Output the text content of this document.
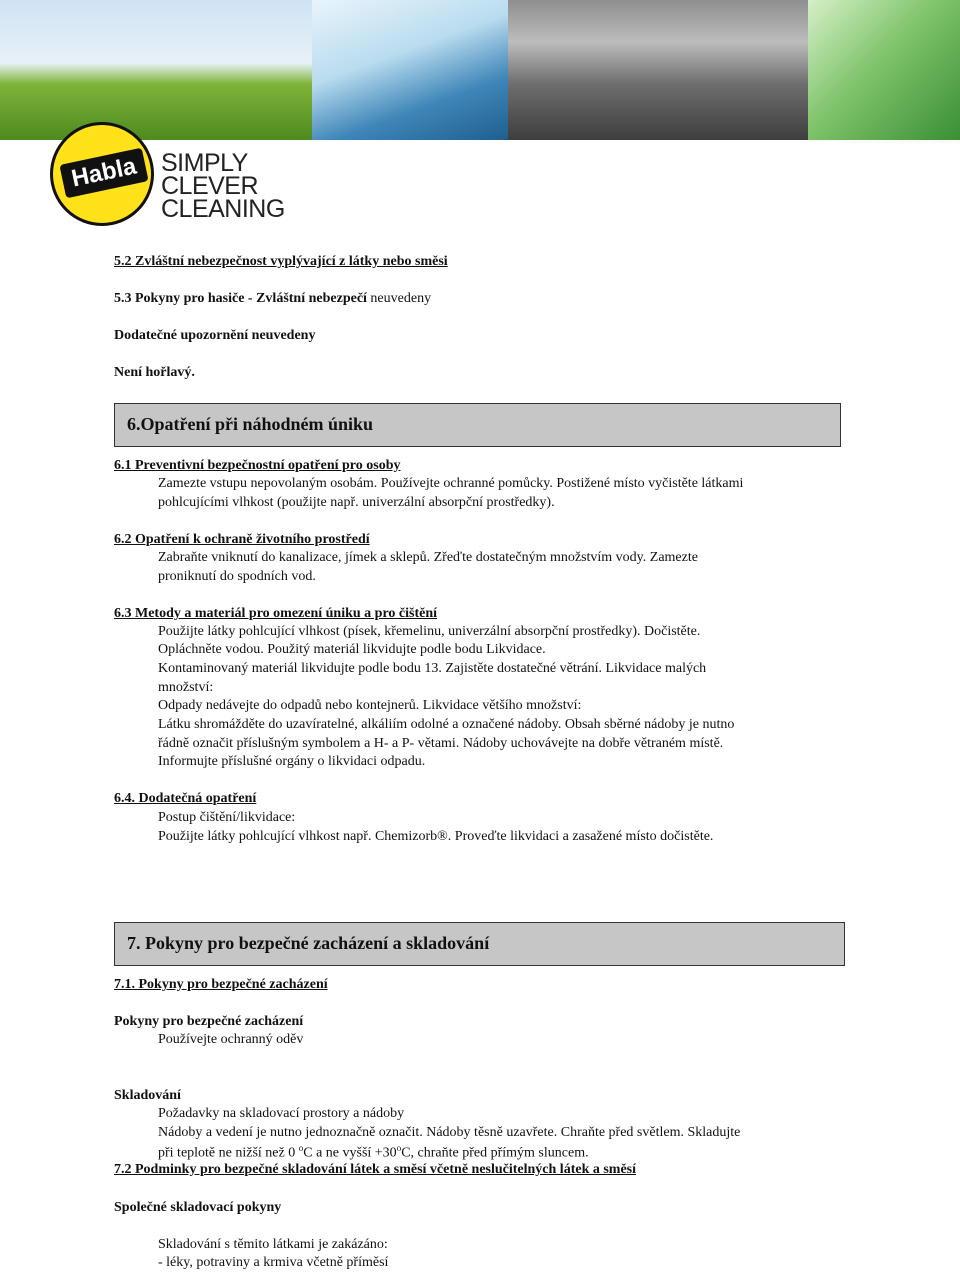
Habla SIMPLY
CLEVER
CLEANING
5.2 Zvláštní nebezpečnost vyplývající z látky nebo směsi
5.3 Pokyny pro hasiče - Zvláštní nebezpečí neuvedeny
Dodatečné upozornění neuvedeny
Není hořlavý.
6.Opatření při náhodném úniku
6.1 Preventivní bezpečnostní opatření pro osoby
Zamezte vstupu nepovolaným osobám. Používejte ochranné pomůcky. Postižené místo vyčistěte látkami
pohlcujícími vlhkost (použijte např. univerzální absorpční prostředky).
6.2 Opatření k ochraně životního prostředí
Zabraňte vniknutí do kanalizace, jímek a sklepů. Zřeďte dostatečným množstvím vody. Zamezte
proniknutí do spodních vod.
6.3 Metody a materiál pro omezení úniku a pro čištění
Použijte látky pohlcující vlhkost (písek, křemelinu, univerzální absorpční prostředky). Dočistěte.
Opláchněte vodou. Použitý materiál likvidujte podle bodu Likvidace.
Kontaminovaný materiál likvidujte podle bodu 13. Zajistěte dostatečné větrání. Likvidace malých
množství:
Odpady nedávejte do odpadů nebo kontejnerů. Likvidace většího množství:
Látku shromážděte do uzavíratelné, alkáliím odolné a označené nádoby. Obsah sběrné nádoby je nutno
řádně označit příslušným symbolem a H- a P- větami. Nádoby uchovávejte na dobře větraném místě.
Informujte příslušné orgány o likvidaci odpadu.
6.4. Dodatečná opatření
Postup čištění/likvidace:
Použijte látky pohlcující vlhkost např. Chemizorb®. Proveďte likvidaci a zasažené místo dočistěte.
7. Pokyny pro bezpečné zacházení a skladování
7.1. Pokyny pro bezpečné zacházení
Pokyny pro bezpečné zacházení
Používejte ochranný oděv
Skladování
Požadavky na skladovací prostory a nádoby
Nádoby a vedení je nutno jednoznačně označit. Nádoby těsně uzavřete. Chraňte před světlem. Skladujte
při teplotě ne nižší než 0 $^o$C a ne vyšší $+30^oC$, chraňte před přímým sluncem.
7.2 Podminky pro bezpečné skladování látek a směsí včetně neslučitelných látek a směsí
Společné skladovací pokyny
Skladování s těmito látkami je zakázáno:
- léky, potraviny a krmiva včetně příměsí
